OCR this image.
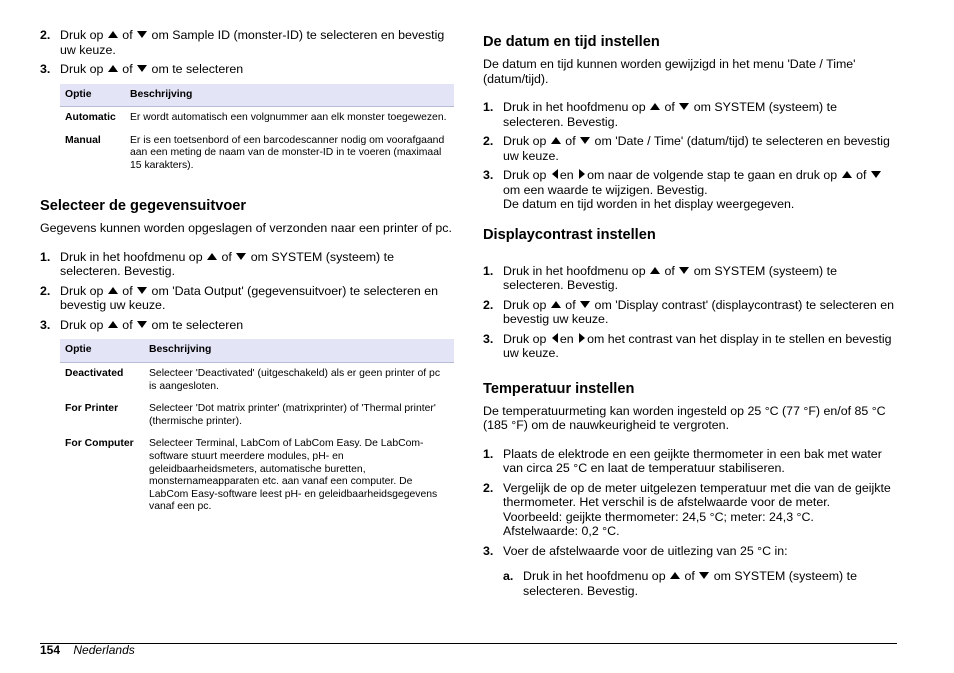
2. Druk op of om Sample ID (monster-ID) te selecteren en bevestig uw keuze.
3. Druk op of om te selecteren
Optie	Beschrijving
Automatic	Er wordt automatisch een volgnummer aan elk monster toegewezen.
Manual	Er is een toetsenbord of een barcodescanner nodig om voorafgaand aan een meting de naam van de monster-ID in te voeren (maximaal 15 karakters).
Selecteer de gegevensuitvoer

Gegevens kunnen worden opgeslagen of verzonden naar een printer of pc.

1. Druk in het hoofdmenu op of om SYSTEM (systeem) te selecteren. Bevestig.
2. Druk op of om 'Data Output' (gegevensuitvoer) te selecteren en bevestig uw keuze.
3. Druk op of om te selecteren
Optie	Beschrijving
Deactivated	Selecteer 'Deactivated' (uitgeschakeld) als er geen printer of pc is aangesloten.
For Printer	Selecteer 'Dot matrix printer' (matrixprinter) of 'Thermal printer' (thermische printer).
For Computer	Selecteer Terminal, LabCom of LabCom Easy. De LabCom-software stuurt meerdere modules, pH- en geleidbaarheidsmeters, automatische buretten, monsternameapparaten etc. aan vanaf een computer. De LabCom Easy-software leest pH- en geleidbaarheidsgegevens vanaf een pc.
De datum en tijd instellen

De datum en tijd kunnen worden gewijzigd in het menu 'Date / Time' (datum/tijd).

1. Druk in het hoofdmenu op of om SYSTEM (systeem) te selecteren. Bevestig.
2. Druk op of om 'Date / Time' (datum/tijd) te selecteren en bevestig uw keuze.
3. Druk op en om naar de volgende stap te gaan en druk op of  om een waarde te wijzigen. Bevestig.
De datum en tijd worden in het display weergegeven.
Displaycontrast instellen
1. Druk in het hoofdmenu op of om SYSTEM (systeem) te selecteren. Bevestig.
2. Druk op of om 'Display contrast' (displaycontrast) te selecteren en bevestig uw keuze.
3. Druk op en om het contrast van het display in te stellen en bevestig uw keuze.
Temperatuur instellen

De temperatuurmeting kan worden ingesteld op 25 °C (77 °F) en/of 85 °C (185 °F) om de nauwkeurigheid te vergroten.

1. Plaats de elektrode en een geijkte thermometer in een bak met water van circa 25 °C en laat de temperatuur stabiliseren.
2. Vergelijk de op de meter uitgelezen temperatuur met die van de geijkte thermometer. Het verschil is de afstelwaarde voor de meter.
Voorbeeld: geijkte thermometer: 24,5 °C; meter: 24,3 °C.
Afstelwaarde: 0,2 °C.
3. Voer de afstelwaarde voor de uitlezing van 25 °C in:
a. Druk in het hoofdmenu op of om SYSTEM (systeem) te selecteren. Bevestig.
154 Nederlands
